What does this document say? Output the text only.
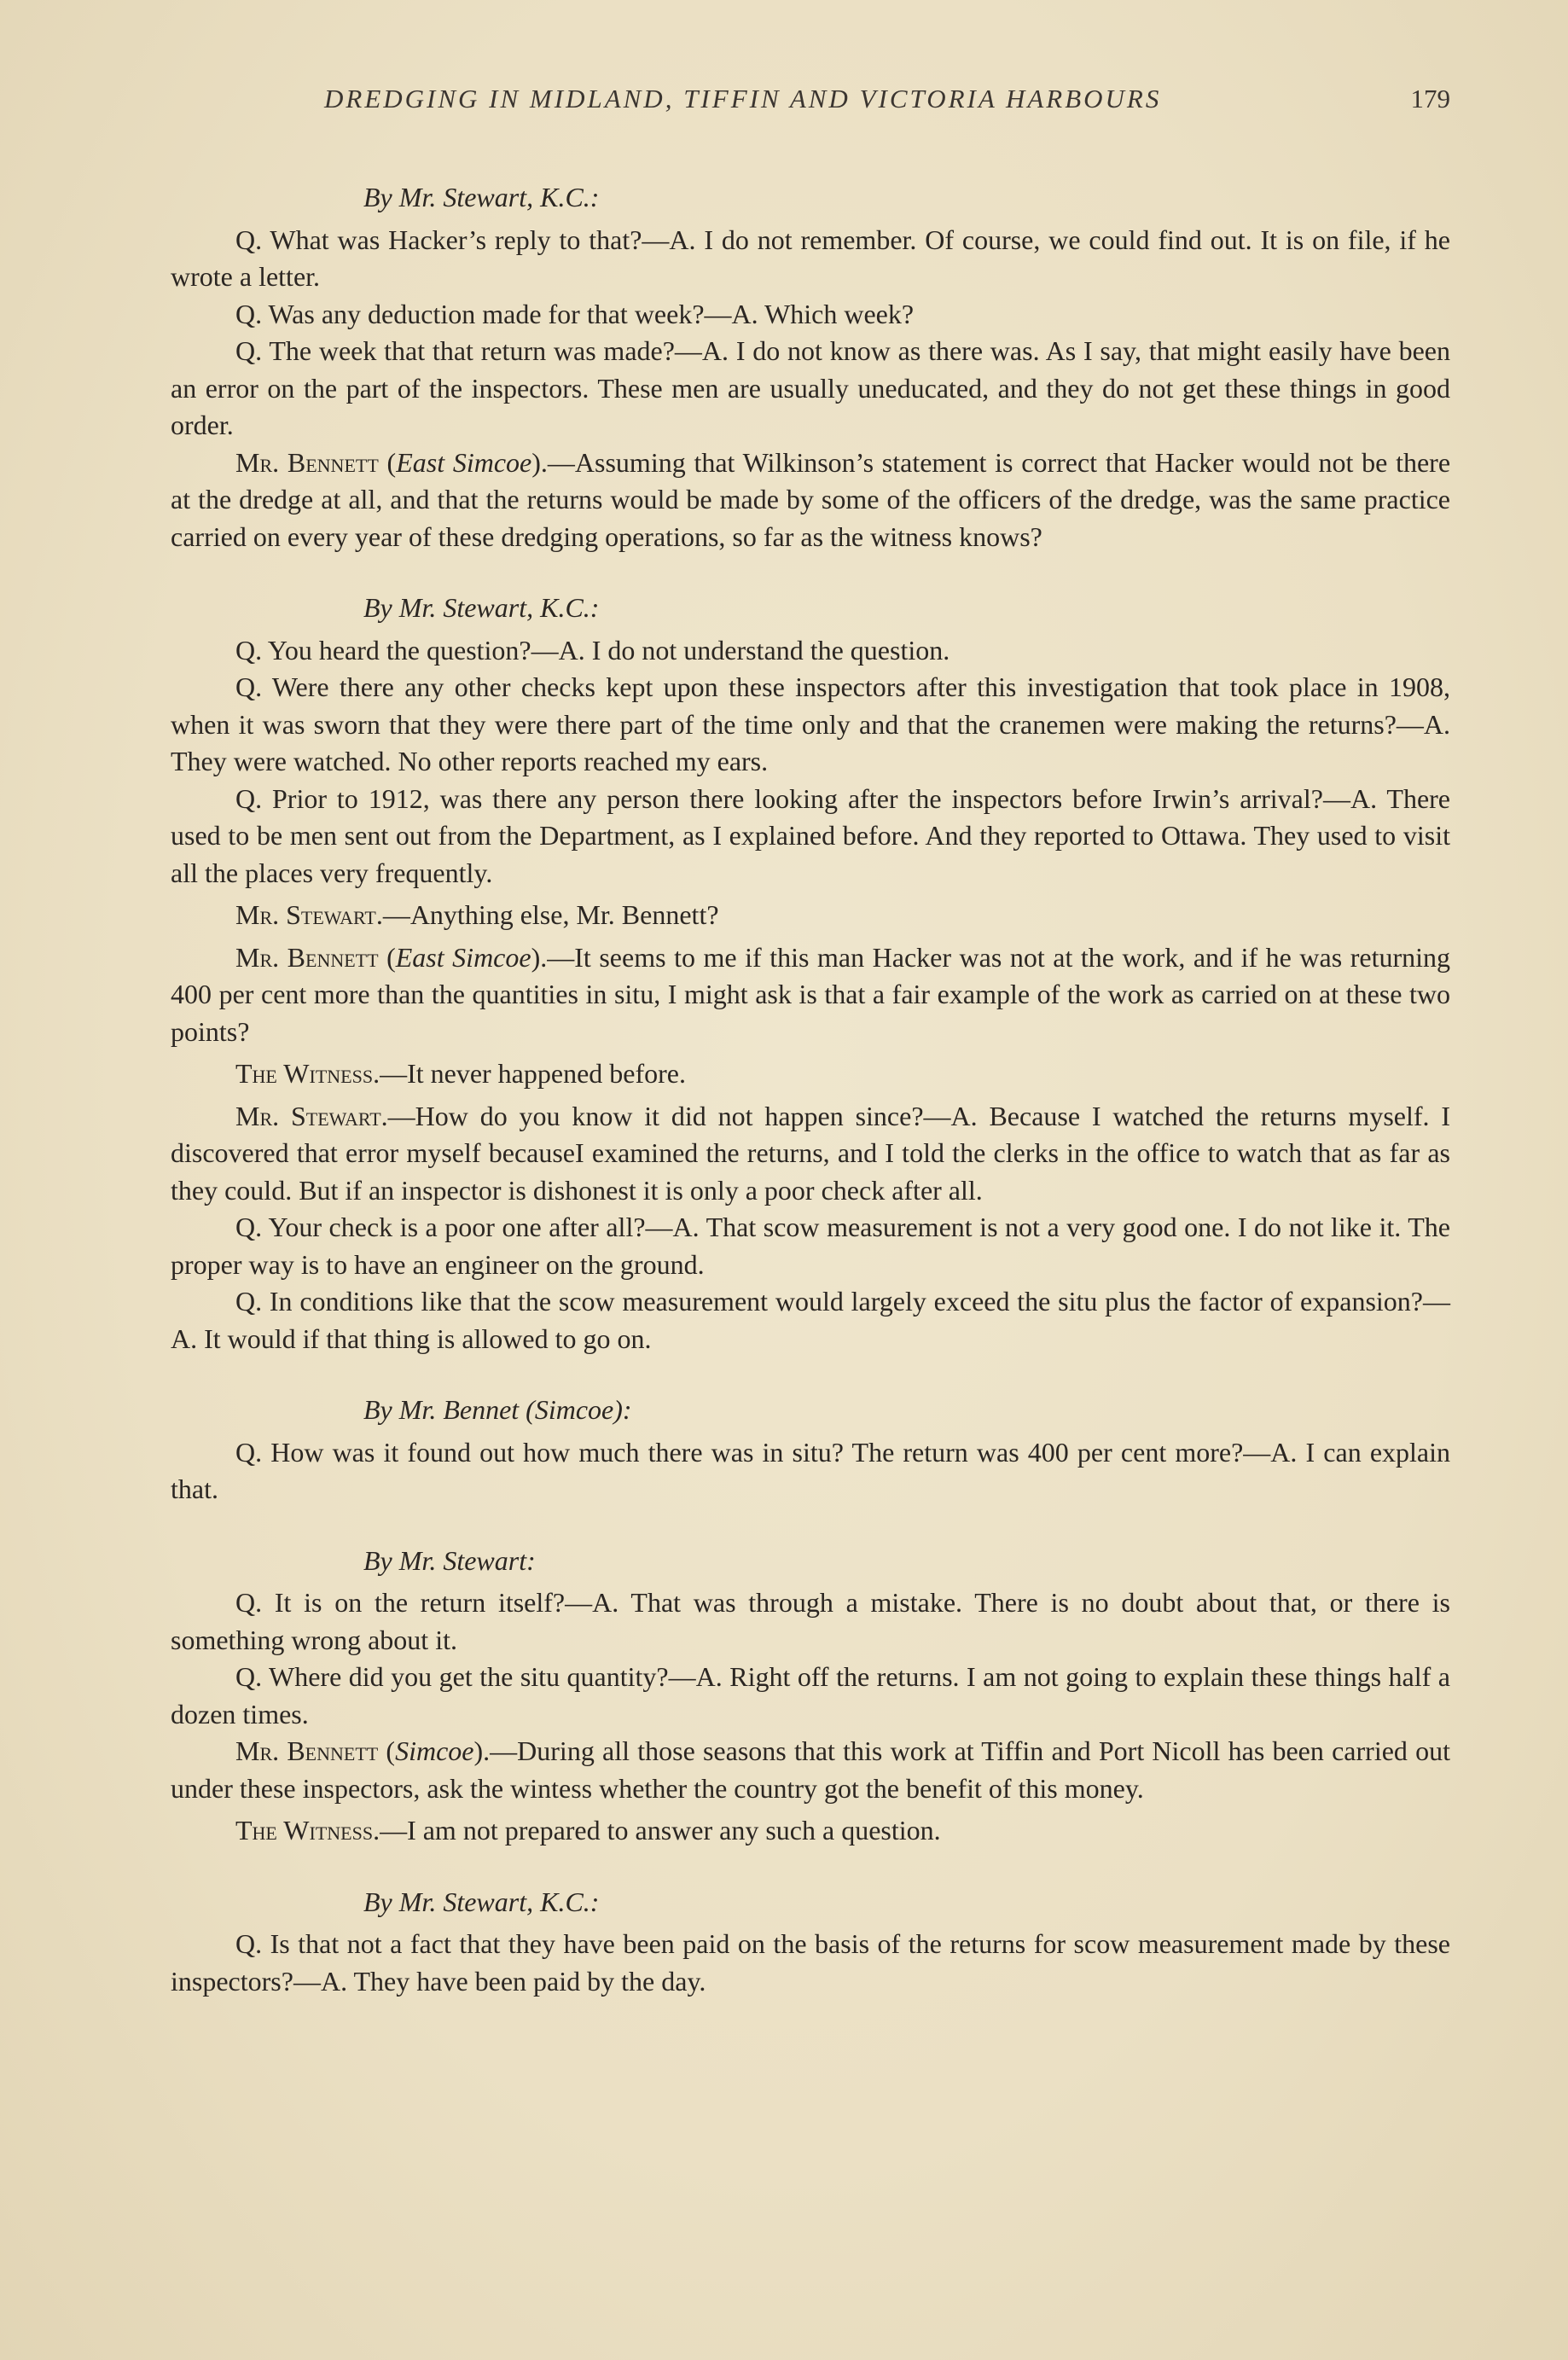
DREDGING IN MIDLAND, TIFFIN AND VICTORIA HARBOURS	179

By Mr. Stewart, K.C.:

Q. What was Hacker’s reply to that?—A. I do not remember. Of course, we could find out. It is on file, if he wrote a letter.

Q. Was any deduction made for that week?—A. Which week?

Q. The week that that return was made?—A. I do not know as there was. As I say, that might easily have been an error on the part of the inspectors. These men are usually uneducated, and they do not get these things in good order.

Mr. Bennett (East Simcoe).—Assuming that Wilkinson’s statement is correct that Hacker would not be there at the dredge at all, and that the returns would be made by some of the officers of the dredge, was the same practice carried on every year of these dredging operations, so far as the witness knows?

By Mr. Stewart, K.C.:

Q. You heard the question?—A. I do not understand the question.

Q. Were there any other checks kept upon these inspectors after this investigation that took place in 1908, when it was sworn that they were there part of the time only and that the cranemen were making the returns?—A. They were watched. No other reports reached my ears.

Q. Prior to 1912, was there any person there looking after the inspectors before Irwin’s arrival?—A. There used to be men sent out from the Department, as I explained before. And they reported to Ottawa. They used to visit all the places very frequently.

Mr. Stewart.—Anything else, Mr. Bennett?

Mr. Bennett (East Simcoe).—It seems to me if this man Hacker was not at the work, and if he was returning 400 per cent more than the quantities in situ, I might ask is that a fair example of the work as carried on at these two points?

The Witness.—It never happened before.

Mr. Stewart.—How do you know it did not happen since?—A. Because I watched the returns myself. I discovered that error myself becauseI examined the returns, and I told the clerks in the office to watch that as far as they could. But if an inspector is dishonest it is only a poor check after all.

Q. Your check is a poor one after all?—A. That scow measurement is not a very good one. I do not like it. The proper way is to have an engineer on the ground.

Q. In conditions like that the scow measurement would largely exceed the situ plus the factor of expansion?—A. It would if that thing is allowed to go on.

By Mr. Bennet (Simcoe):

Q. How was it found out how much there was in situ? The return was 400 per cent more?—A. I can explain that.

By Mr. Stewart:

Q. It is on the return itself?—A. That was through a mistake. There is no doubt about that, or there is something wrong about it.

Q. Where did you get the situ quantity?—A. Right off the returns. I am not going to explain these things half a dozen times.

Mr. Bennett (Simcoe).—During all those seasons that this work at Tiffin and Port Nicoll has been carried out under these inspectors, ask the wintess whether the country got the benefit of this money.

The Witness.—I am not prepared to answer any such a question.

By Mr. Stewart, K.C.:

Q. Is that not a fact that they have been paid on the basis of the returns for scow measurement made by these inspectors?—A. They have been paid by the day.
